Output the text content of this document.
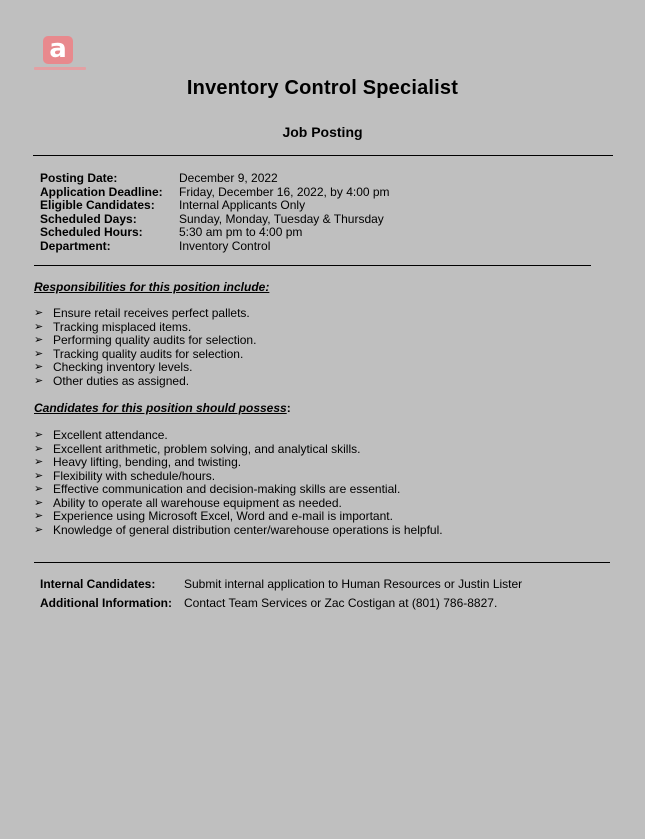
a
Inventory Control Specialist
Job Posting
Posting Date:	December 9, 2022
Application Deadline:	Friday, December 16, 2022, by 4:00 pm
Eligible Candidates:	Internal Applicants Only
Scheduled Days:	Sunday, Monday, Tuesday & Thursday
Scheduled Hours:	5:30 am pm to 4:00 pm
Department:	Inventory Control
Responsibilities for this position include:
➢ Ensure retail receives perfect pallets.
➢ Tracking misplaced items.
➢ Performing quality audits for selection.
➢ Tracking quality audits for selection.
➢ Checking inventory levels.
➢ Other duties as assigned.
Candidates for this position should possess:
➢ Excellent attendance.
➢ Excellent arithmetic, problem solving, and analytical skills.
➢ Heavy lifting, bending, and twisting.
➢ Flexibility with schedule/hours.
➢ Effective communication and decision-making skills are essential.
➢ Ability to operate all warehouse equipment as needed.
➢ Experience using Microsoft Excel, Word and e-mail is important.
➢ Knowledge of general distribution center/warehouse operations is helpful.
Internal Candidates:	Submit internal application to Human Resources or Justin Lister
Additional Information:	Contact Team Services or Zac Costigan at (801) 786-8827.
